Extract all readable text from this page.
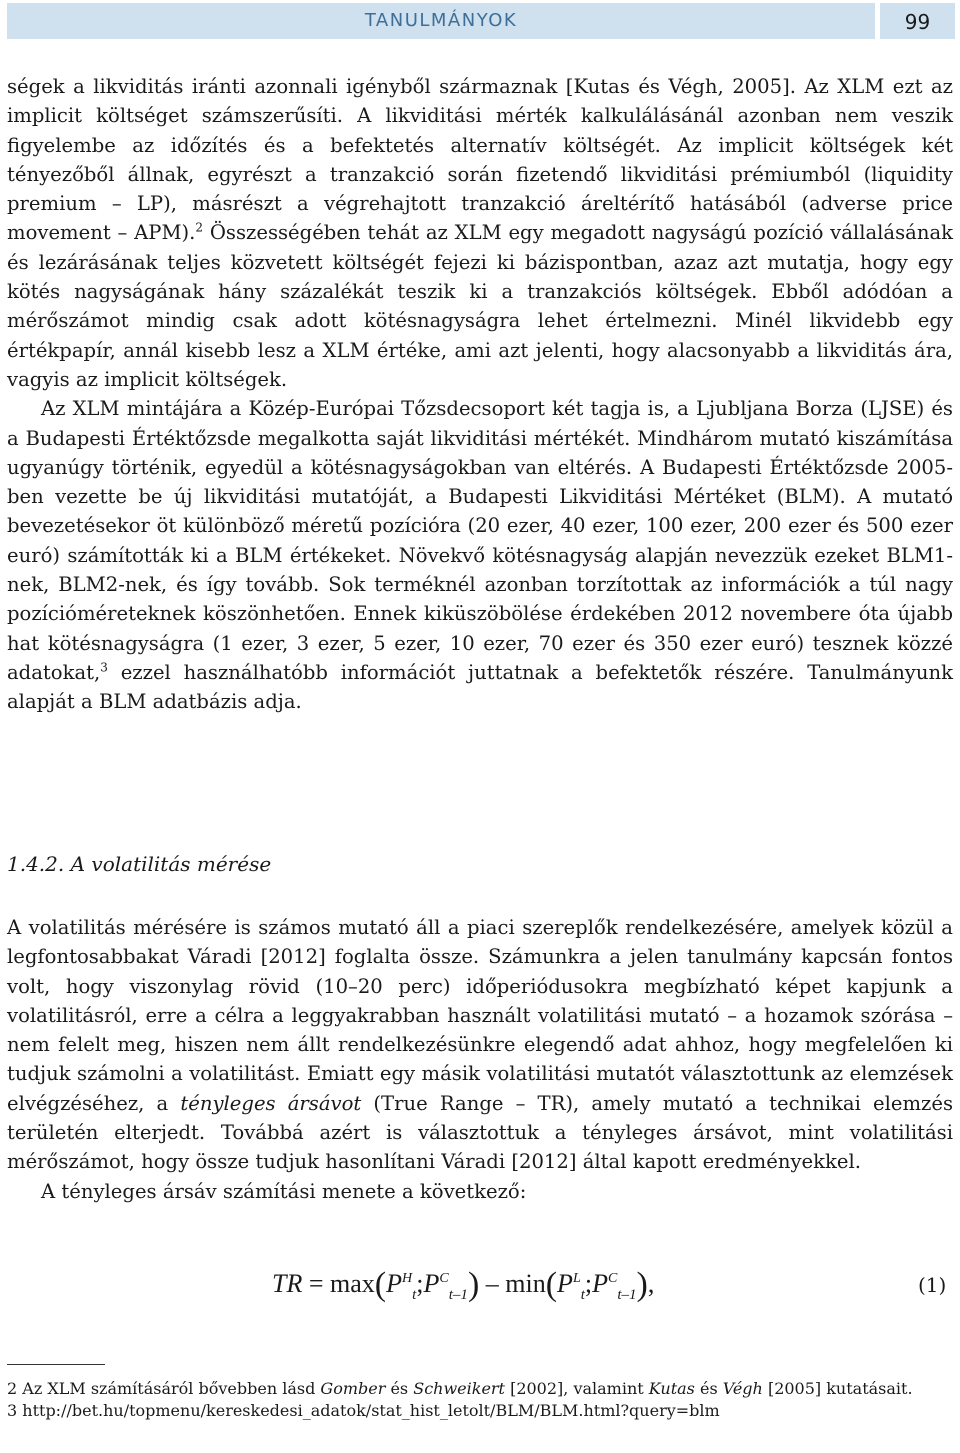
TANULMÁNYOK	99

ségek a likviditás iránti azonnali igényből származnak [Kutas és Végh, 2005]. Az XLM ezt az implicit költséget számszerűsíti. A likviditási mérték kalkulálásánál azonban nem veszik figyelembe az időzítés és a befektetés alternatív költségét. Az implicit költségek két tényezőből állnak, egyrészt a tranzakció során fizetendő likviditási prémiumból (liquidity premium – LP), másrészt a végrehajtott tranzakció áreltérítő hatásából (adverse price movement – APM).$^2$ Összességében tehát az XLM egy megadott nagyságú pozíció vállalásának és lezárásának teljes közvetett költségét fejezi ki bázispontban, azaz azt mutatja, hogy egy kötés nagyságának hány százalékát teszik ki a tranzakciós költségek. Ebből adódóan a mérőszámot mindig csak adott kötésnagyságra lehet értelmezni. Minél likvidebb egy értékpapír, annál kisebb lesz a XLM értéke, ami azt jelenti, hogy alacsonyabb a likviditás ára, vagyis az implicit költségek.

Az XLM mintájára a Közép-Európai Tőzsdecsoport két tagja is, a Ljubljana Borza (LJSE) és a Budapesti Értéktőzsde megalkotta saját likviditási mértékét. Mindhárom mutató kiszámítása ugyanúgy történik, egyedül a kötésnagyságokban van eltérés. A Budapesti Értéktőzsde 2005-ben vezette be új likviditási mutatóját, a Budapesti Likviditási Mértéket (BLM). A mutató bevezetésekor öt különböző méretű pozícióra (20 ezer, 40 ezer, 100 ezer, 200 ezer és 500 ezer euró) számították ki a BLM értékeket. Növekvő kötésnagyság alapján nevezzük ezeket BLM1-nek, BLM2-nek, és így tovább. Sok terméknél azonban torzítottak az információk a túl nagy pozícióméreteknek köszönhetően. Ennek kiküszöbölése érdekében 2012 novembere óta újabb hat kötésnagyságra (1 ezer, 3 ezer, 5 ezer, 10 ezer, 70 ezer és 350 ezer euró) tesznek közzé adatokat,$^3$ ezzel használhatóbb információt juttatnak a befektetők részére. Tanulmányunk alapját a BLM adatbázis adja.

1.4.2. A volatilitás mérése

A volatilitás mérésére is számos mutató áll a piaci szereplők rendelkezésére, amelyek közül a legfontosabbakat Váradi [2012] foglalta össze. Számunkra a jelen tanulmány kapcsán fontos volt, hogy viszonylag rövid (10–20 perc) időperiódusokra megbízható képet kapjunk a volatilitásról, erre a célra a leggyakrabban használt volatilitási mutató – a hozamok szórása – nem felelt meg, hiszen nem állt rendelkezésünkre elegendő adat ahhoz, hogy megfelelően ki tudjuk számolni a volatilitást. Emiatt egy másik volatilitási mutatót választottunk az elemzések elvégzéséhez, a tényleges ársávot (True Range – TR), amely mutató a technikai elemzés területén elterjedt. Továbbá azért is választottuk a tényleges ársávot, mint volatilitási mérőszámot, hogy össze tudjuk hasonlítani Váradi [2012] által kapott eredményekkel.

A tényleges ársáv számítási menete a következő:

TR = $\max(P^H_t;P^C_{t-1})$ – $\min(P^L_t;P^C_{t-1})$,	(1)

2 Az XLM számításáról bővebben lásd Gomber és Schweikert [2002], valamint Kutas és Végh [2005] kutatásait.

3 http://bet.hu/topmenu/kereskedesi_adatok/stat_hist_letolt/BLM/BLM.html?query=blm
